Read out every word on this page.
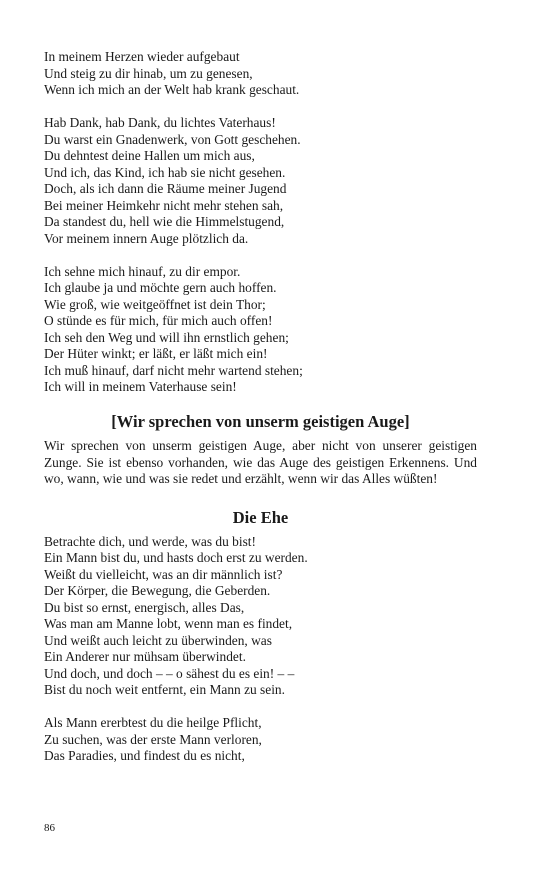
In meinem Herzen wieder aufgebaut
Und steig zu dir hinab, um zu genesen,
Wenn ich mich an der Welt hab krank geschaut.
Hab Dank, hab Dank, du lichtes Vaterhaus!
Du warst ein Gnadenwerk, von Gott geschehen.
Du dehntest deine Hallen um mich aus,
Und ich, das Kind, ich hab sie nicht gesehen.
Doch, als ich dann die Räume meiner Jugend
Bei meiner Heimkehr nicht mehr stehen sah,
Da standest du, hell wie die Himmelstugend,
Vor meinem innern Auge plötzlich da.
Ich sehne mich hinauf, zu dir empor.
Ich glaube ja und möchte gern auch hoffen.
Wie groß, wie weitgeöffnet ist dein Thor;
O stünde es für mich, für mich auch offen!
Ich seh den Weg und will ihn ernstlich gehen;
Der Hüter winkt; er läßt, er läßt mich ein!
Ich muß hinauf, darf nicht mehr wartend stehen;
Ich will in meinem Vaterhause sein!
[Wir sprechen von unserm geistigen Auge]

Wir sprechen von unserm geistigen Auge, aber nicht von unserer geistigen Zunge. Sie ist ebenso vorhanden, wie das Auge des geistigen Erkennens. Und wo, wann, wie und was sie redet und erzählt, wenn wir das Alles wüßten!

Die Ehe
Betrachte dich, und werde, was du bist!
Ein Mann bist du, und hasts doch erst zu werden.
Weißt du vielleicht, was an dir männlich ist?
Der Körper, die Bewegung, die Geberden.
Du bist so ernst, energisch, alles Das,
Was man am Manne lobt, wenn man es findet,
Und weißt auch leicht zu überwinden, was
Ein Anderer nur mühsam überwindet.
Und doch, und doch – – o sähest du es ein! – –
Bist du noch weit entfernt, ein Mann zu sein.
Als Mann ererbtest du die heilge Pflicht,
Zu suchen, was der erste Mann verloren,
Das Paradies, und findest du es nicht,
86
